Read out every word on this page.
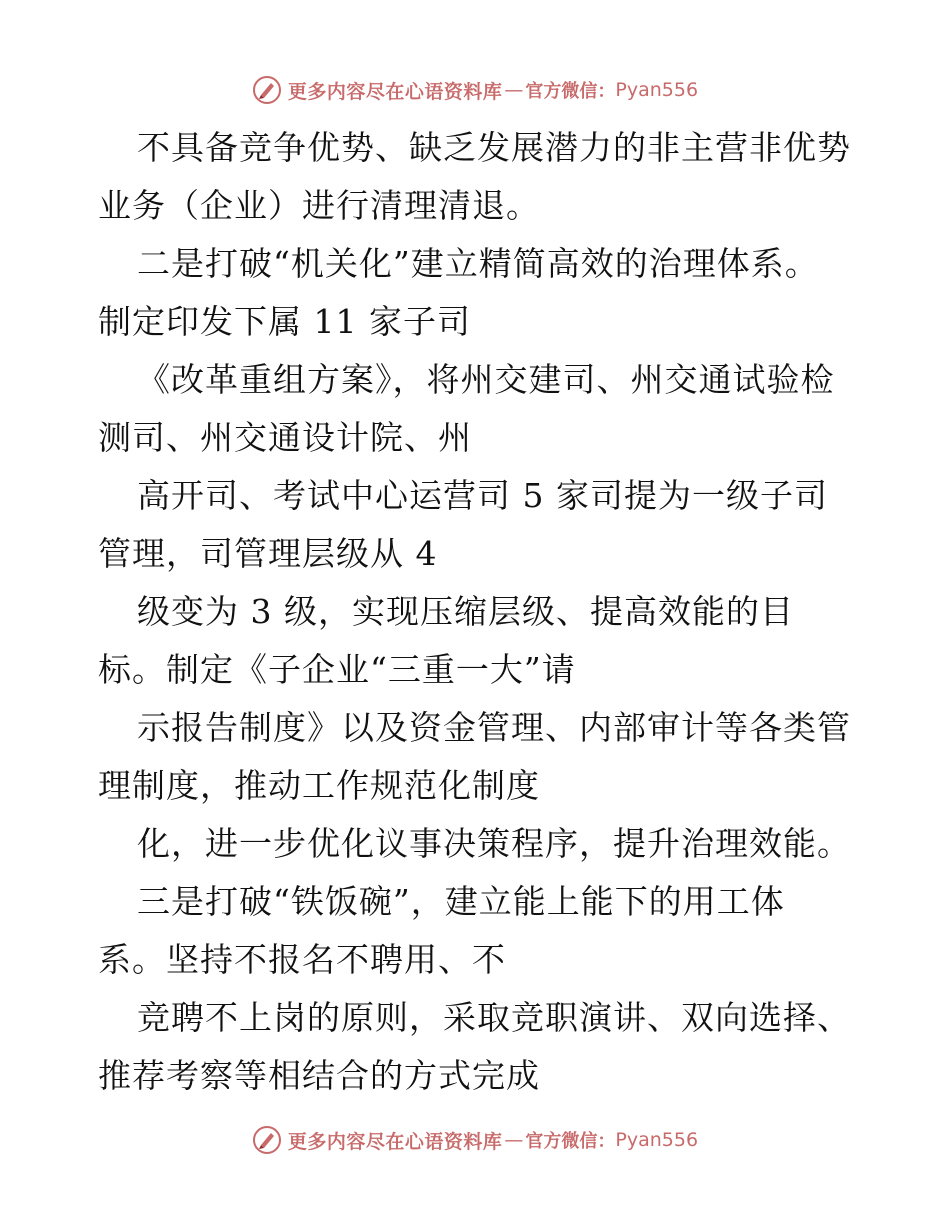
更多内容尽在心语资料库 — 官方微信： Pyan556
不具备竞争优势、缺乏发展潜力的非主营非优势
业务（企业）进行清理清退。
二是打破“机关化”建立精简高效的治理体系。
制定印发下属 11 家子司
《改革重组方案》，将州交建司、州交通试验检
测司、州交通设计院、州
高开司、考试中心运营司 5 家司提为一级子司
管理，司管理层级从 4
级变为 3 级，实现压缩层级、提高效能的目
标。制定《子企业“三重一大”请
示报告制度》以及资金管理、内部审计等各类管
理制度，推动工作规范化制度
化，进一步优化议事决策程序，提升治理效能。
三是打破“铁饭碗”，建立能上能下的用工体
系。坚持不报名不聘用、不
竞聘不上岗的原则，采取竞职演讲、双向选择、
推荐考察等相结合的方式完成
更多内容尽在心语资料库 — 官方微信： Pyan556
